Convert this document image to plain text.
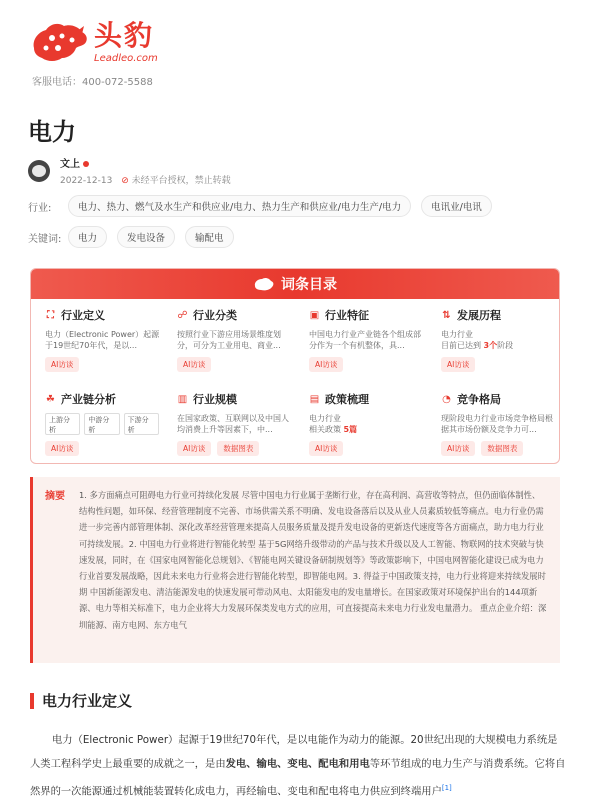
头豹
Leadleo.com
客服电话：400-072-5588
电力
文上
2022-12-13 ⊘ 未经平台授权，禁止转载
行业:	电力、热力、燃气及水生产和供应业/电力、热力生产和供应业/电力生产/电力	电讯业/电讯
关键词:	电力	发电设备	输配电
词条目录
⛶ 行业定义
电力（Electronic Power）起源于19世纪70年代，是以...
AI访谈
☍ 行业分类
按照行业下游应用场景维度划分，可分为工业用电、商业...
AI访谈
▣ 行业特征
中国电力行业产业链各个组成部分作为一个有机整体，具...
AI访谈
⇅ 发展历程
电力行业
目前已达到 3个阶段
AI访谈
☘ 产业链分析
上游分析
中游分析
下游分析
AI访谈
▥ 行业规模
在国家政策、互联网以及中国人均消费上升等因素下，中...
AI访谈	数据图表
▤ 政策梳理
电力行业
相关政策 5篇
AI访谈
◔ 竞争格局
现阶段电力行业市场竞争格局根据其市场份额及竞争力可...
AI访谈	数据图表
摘要	1. 多方面痛点可阻碍电力行业可持续化发展 尽管中国电力行业属于垄断行业，存在高利润、高营收等特点，但仍面临体制性、结构性问题，如环保、经营管理制度不完善、市场供需关系不明确、发电设备落后以及从业人员素质较低等痛点。电力行业仍需进一步完善内部管理体制、深化改革经营管理来提高人员服务质量及提升发电设备的更新迭代速度等各方面痛点，助力电力行业可持续发展。2. 中国电力行业将进行智能化转型 基于5G网络升级带动的产品与技术升级以及人工智能、物联网的技术突破与快速发展，同时，在《国家电网智能化总规划》、《智能电网关键设备研制规划等》等政策影响下，中国电网智能化建设已成为电力行业首要发展战略，因此未来电力行业将会进行智能化转型，即智能电网。3. 得益于中国政策支持，电力行业将迎来持续发展时期 中国新能源发电、清洁能源发电的快速发展可带动风电、太阳能发电的发电量增长。在国家政策对环境保护出台的144项新源、电力等相关标准下，电力企业将大力发展环保类发电方式的应用，可直接提高未来电力行业发电量潜力。 重点企业介绍：深圳能源、南方电网、东方电气
电力行业定义
电力（Electronic Power）起源于19世纪70年代，是以电能作为动力的能源。20世纪出现的大规模电力系统是人类工程科学史上最重要的成就之一，是由发电、输电、变电、配电和用电等环节组成的电力生产与消费系统。它将自然界的一次能源通过机械能装置转化成电力，再经输电、变电和配电将电力供应到终端用户[1]
